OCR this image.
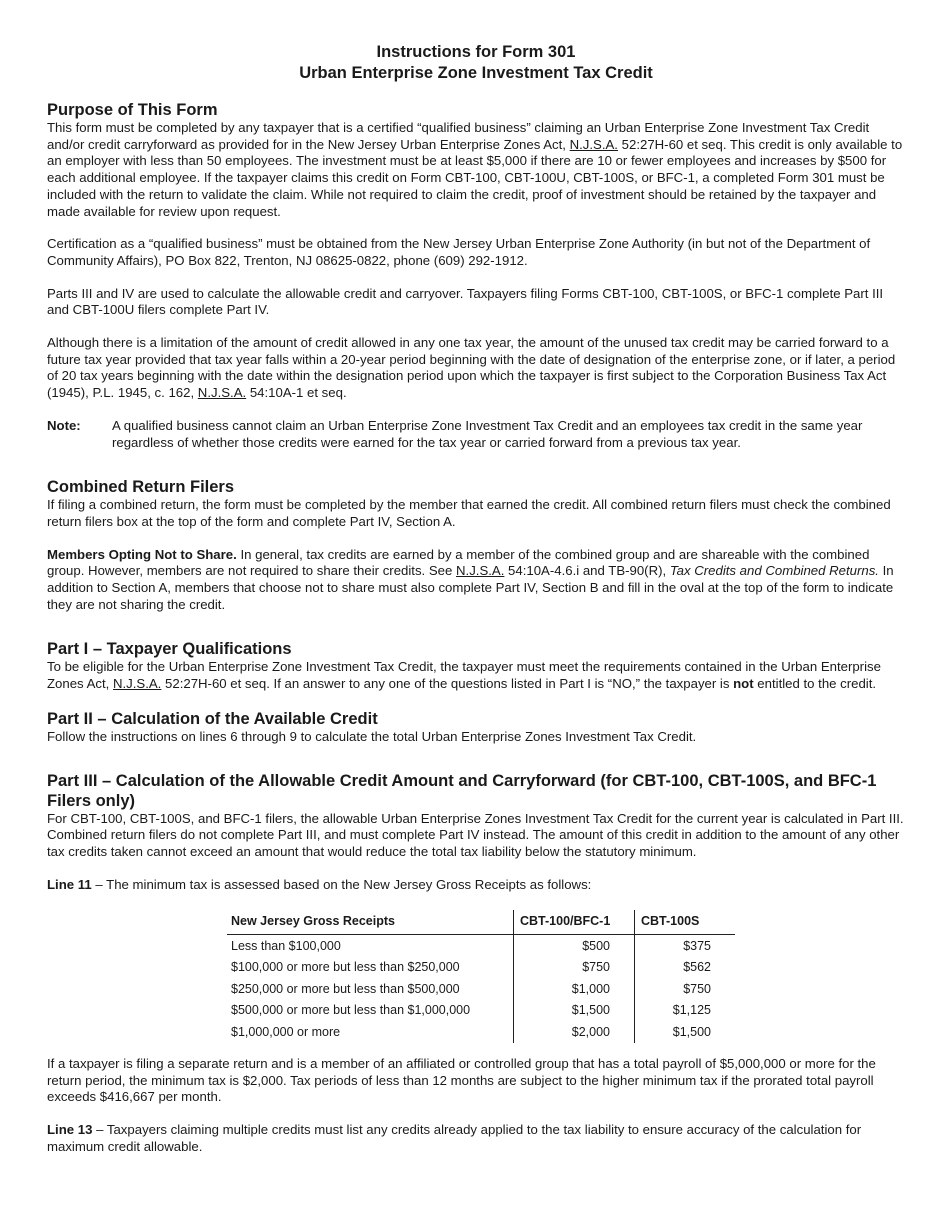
Instructions for Form 301
Urban Enterprise Zone Investment Tax Credit
Purpose of This Form

This form must be completed by any taxpayer that is a certified “qualified business” claiming an Urban Enterprise Zone Investment Tax Credit and/or credit carryforward as provided for in the New Jersey Urban Enterprise Zones Act, N.J.S.A. 52:27H-60 et seq. This credit is only available to an employer with less than 50 employees. The investment must be at least $5,000 if there are 10 or fewer employees and increases by $500 for each additional employee. If the taxpayer claims this credit on Form CBT-100, CBT-100U, CBT-100S, or BFC-1, a completed Form 301 must be included with the return to validate the claim. While not required to claim the credit, proof of investment should be retained by the taxpayer and made available for review upon request.

Certification as a “qualified business” must be obtained from the New Jersey Urban Enterprise Zone Authority (in but not of the Department of Community Affairs), PO Box 822, Trenton, NJ 08625-0822, phone (609) 292-1912.

Parts III and IV are used to calculate the allowable credit and carryover. Taxpayers filing Forms CBT-100, CBT-100S, or BFC-1 complete Part III and CBT-100U filers complete Part IV.

Although there is a limitation of the amount of credit allowed in any one tax year, the amount of the unused tax credit may be carried forward to a future tax year provided that tax year falls within a 20-year period beginning with the date of designation of the enterprise zone, or if later, a period of 20 tax years beginning with the date within the designation period upon which the taxpayer is first subject to the Corporation Business Tax Act (1945), P.L. 1945, c. 162, N.J.S.A. 54:10A-1 et seq.

Note:	A qualified business cannot claim an Urban Enterprise Zone Investment Tax Credit and an employees tax credit in the same year regardless of whether those credits were earned for the tax year or carried forward from a previous tax year.
Combined Return Filers

If filing a combined return, the form must be completed by the member that earned the credit. All combined return filers must check the combined return filers box at the top of the form and complete Part IV, Section A.

Members Opting Not to Share. In general, tax credits are earned by a member of the combined group and are shareable with the combined group. However, members are not required to share their credits. See N.J.S.A. 54:10A-4.6.i and TB-90(R), Tax Credits and Combined Returns. In addition to Section A, members that choose not to share must also complete Part IV, Section B and fill in the oval at the top of the form to indicate they are not sharing the credit.

Part I – Taxpayer Qualifications

To be eligible for the Urban Enterprise Zone Investment Tax Credit, the taxpayer must meet the requirements contained in the Urban Enterprise Zones Act, N.J.S.A. 52:27H-60 et seq. If an answer to any one of the questions listed in Part I is “NO,” the taxpayer is not entitled to the credit.

Part II – Calculation of the Available Credit

Follow the instructions on lines 6 through 9 to calculate the total Urban Enterprise Zones Investment Tax Credit.

Part III – Calculation of the Allowable Credit Amount and Carryforward (for CBT-100, CBT-100S, and BFC-1 Filers only)

For CBT-100, CBT-100S, and BFC-1 filers, the allowable Urban Enterprise Zones Investment Tax Credit for the current year is calculated in Part III. Combined return filers do not complete Part III, and must complete Part IV instead. The amount of this credit in addition to the amount of any other tax credits taken cannot exceed an amount that would reduce the total tax liability below the statutory minimum.

Line 11 – The minimum tax is assessed based on the New Jersey Gross Receipts as follows:

New Jersey Gross Receipts	CBT-100/BFC-1	CBT-100S
Less than $100,000	$500	$375
$100,000 or more but less than $250,000	$750	$562
$250,000 or more but less than $500,000	$1,000	$750
$500,000 or more but less than $1,000,000	$1,500	$1,125
$1,000,000 or more	$2,000	$1,500

If a taxpayer is filing a separate return and is a member of an affiliated or controlled group that has a total payroll of $5,000,000 or more for the return period, the minimum tax is $2,000. Tax periods of less than 12 months are subject to the higher minimum tax if the prorated total payroll exceeds $416,667 per month.

Line 13 – Taxpayers claiming multiple credits must list any credits already applied to the tax liability to ensure accuracy of the calculation for maximum credit allowable.
